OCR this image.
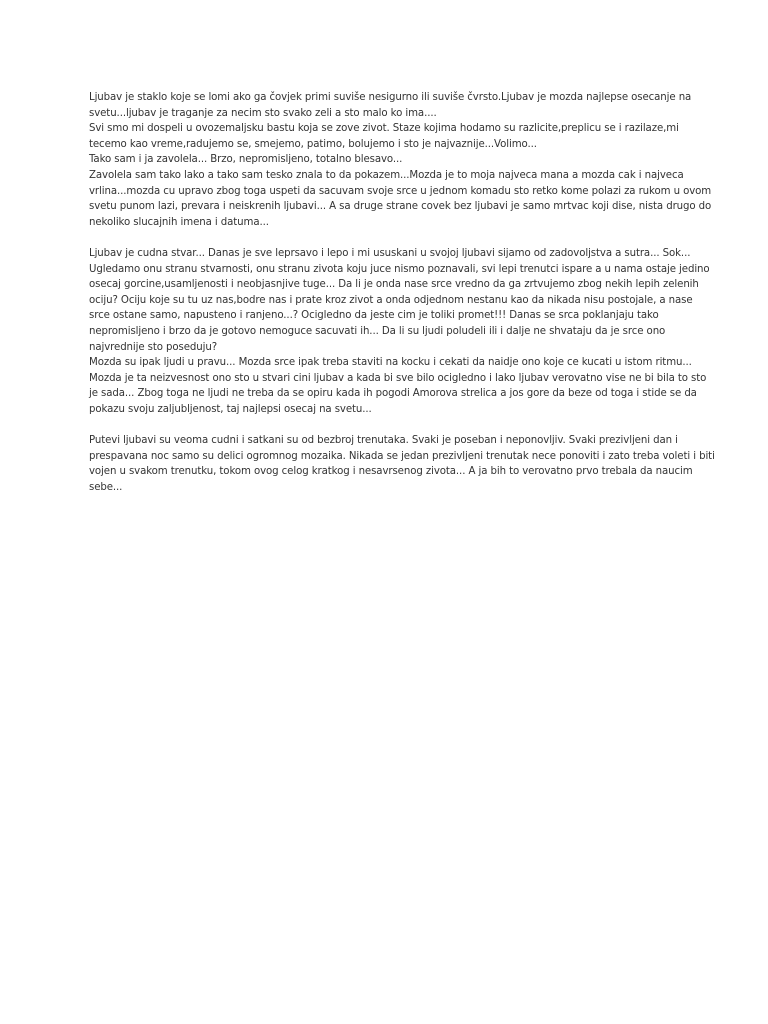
Ljubav je staklo koje se lomi ako ga čovjek primi suviše nesigurno ili suviše čvrsto.Ljubav je mozda najlepse osecanje na
svetu...ljubav je traganje za necim sto svako zeli a sto malo ko ima....
Svi smo mi dospeli u ovozemaljsku bastu koja se zove zivot. Staze kojima hodamo su razlicite,preplicu se i razilaze,mi
tecemo kao vreme,radujemo se, smejemo, patimo, bolujemo i sto je najvaznije...Volimo...
Tako sam i ja zavolela... Brzo, nepromisljeno, totalno blesavo...
Zavolela sam tako lako a tako sam tesko znala to da pokazem...Mozda je to moja najveca mana a mozda cak i najveca
vrlina...mozda cu upravo zbog toga uspeti da sacuvam svoje srce u jednom komadu sto retko kome polazi za rukom u ovom
svetu punom lazi, prevara i neiskrenih ljubavi... A sa druge strane covek bez ljubavi je samo mrtvac koji dise, nista drugo do
nekoliko slucajnih imena i datuma...
Ljubav je cudna stvar... Danas je sve leprsavo i lepo i mi ususkani u svojoj ljubavi sijamo od zadovoljstva a sutra... Sok...
Ugledamo onu stranu stvarnosti, onu stranu zivota koju juce nismo poznavali, svi lepi trenutci ispare a u nama ostaje jedino
osecaj gorcine,usamljenosti i neobjasnjive tuge... Da li je onda nase srce vredno da ga zrtvujemo zbog nekih lepih zelenih
ociju? Ociju koje su tu uz nas,bodre nas i prate kroz zivot a onda odjednom nestanu kao da nikada nisu postojale, a nase
srce ostane samo, napusteno i ranjeno...? Ocigledno da jeste cim je toliki promet!!! Danas se srca poklanjaju tako
nepromisljeno i brzo da je gotovo nemoguce sacuvati ih... Da li su ljudi poludeli ili i dalje ne shvataju da je srce ono
najvrednije sto poseduju?
Mozda su ipak ljudi u pravu... Mozda srce ipak treba staviti na kocku i cekati da naidje ono koje ce kucati u istom ritmu...
Mozda je ta neizvesnost ono sto u stvari cini ljubav a kada bi sve bilo ocigledno i lako ljubav verovatno vise ne bi bila to sto
je sada... Zbog toga ne ljudi ne treba da se opiru kada ih pogodi Amorova strelica a jos gore da beze od toga i stide se da
pokazu svoju zaljubljenost, taj najlepsi osecaj na svetu...
Putevi ljubavi su veoma cudni i satkani su od bezbroj trenutaka. Svaki je poseban i neponovljiv. Svaki prezivljeni dan i
prespavana noc samo su delici ogromnog mozaika. Nikada se jedan prezivljeni trenutak nece ponoviti i zato treba voleti i biti
vojen u svakom trenutku, tokom ovog celog kratkog i nesavrsenog zivota... A ja bih to verovatno prvo trebala da naucim
sebe...
